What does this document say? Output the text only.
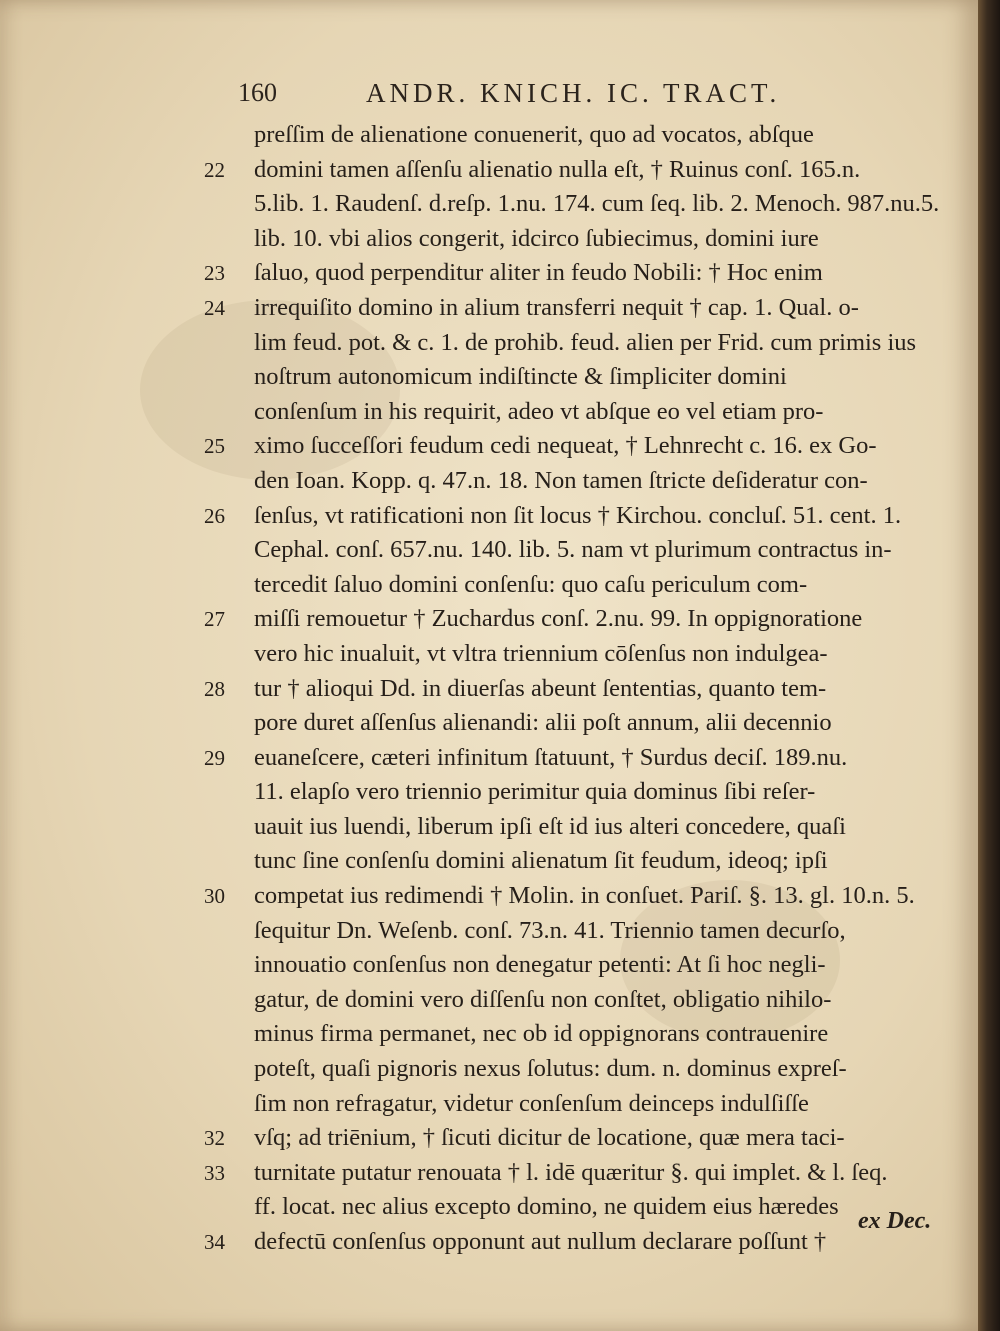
160	ANDR. KNICH. IC. TRACT.
preſſim de alienatione conuenerit, quo ad vocatos, abſque
22	domini tamen aſſenſu alienatio nulla eſt, † Ruinus conſ. 165.n.
5.lib. 1. Raudenſ. d.reſp. 1.nu. 174. cum ſeq. lib. 2. Menoch. 987.nu.5.
lib. 10. vbi alios congerit, idcirco ſubiecimus, domini iure
23	ſaluo, quod perpenditur aliter in feudo Nobili: † Hoc enim
24	irrequiſito domino in alium transferri nequit † cap. 1. Qual. o-
lim feud. pot. & c. 1. de prohib. feud. alien per Frid. cum primis ius
noſtrum autonomicum indiſtincte & ſimpliciter domini
conſenſum in his requirit, adeo vt abſque eo vel etiam pro-
25	ximo ſucceſſori feudum cedi nequeat, † Lehnrecht c. 16. ex Go-
den Ioan. Kopp. q. 47.n. 18. Non tamen ſtricte deſideratur con-
26	ſenſus, vt ratificationi non ſit locus † Kirchou. concluſ. 51. cent. 1.
Cephal. conſ. 657.nu. 140. lib. 5. nam vt plurimum contractus in-
tercedit ſaluo domini conſenſu: quo caſu periculum com-
27	miſſi remouetur † Zuchardus conſ. 2.nu. 99. In oppignoratione
vero hic inualuit, vt vltra triennium cōſenſus non indulgea-
28	tur † alioqui Dd. in diuerſas abeunt ſententias, quanto tem-
pore duret aſſenſus alienandi: alii poſt annum, alii decennio
29	euaneſcere, cæteri infinitum ſtatuunt, † Surdus deciſ. 189.nu.
11. elapſo vero triennio perimitur quia dominus ſibi reſer-
uauit ius luendi, liberum ipſi eſt id ius alteri concedere, quaſi
tunc ſine conſenſu domini alienatum ſit feudum, ideoq; ipſi
30	competat ius redimendi † Molin. in conſuet. Pariſ. §. 13. gl. 10.n. 5.
ſequitur Dn. Weſenb. conſ. 73.n. 41. Triennio tamen decurſo,
innouatio conſenſus non denegatur petenti: At ſi hoc negli-
gatur, de domini vero diſſenſu non conſtet, obligatio nihilo-
minus firma permanet, nec ob id oppignorans contrauenire
poteſt, quaſi pignoris nexus ſolutus: dum. n. dominus expreſ-
ſim non refragatur, videtur conſenſum deinceps indulſiſſe
32	vſq; ad triēnium, † ſicuti dicitur de locatione, quæ mera taci-
33	turnitate putatur renouata † l. idē quæritur §. qui implet. & l. ſeq.
ff. locat. nec alius excepto domino, ne quidem eius hæredes
34	defectū conſenſus opponunt aut nullum declarare poſſunt †
ex Dec.
